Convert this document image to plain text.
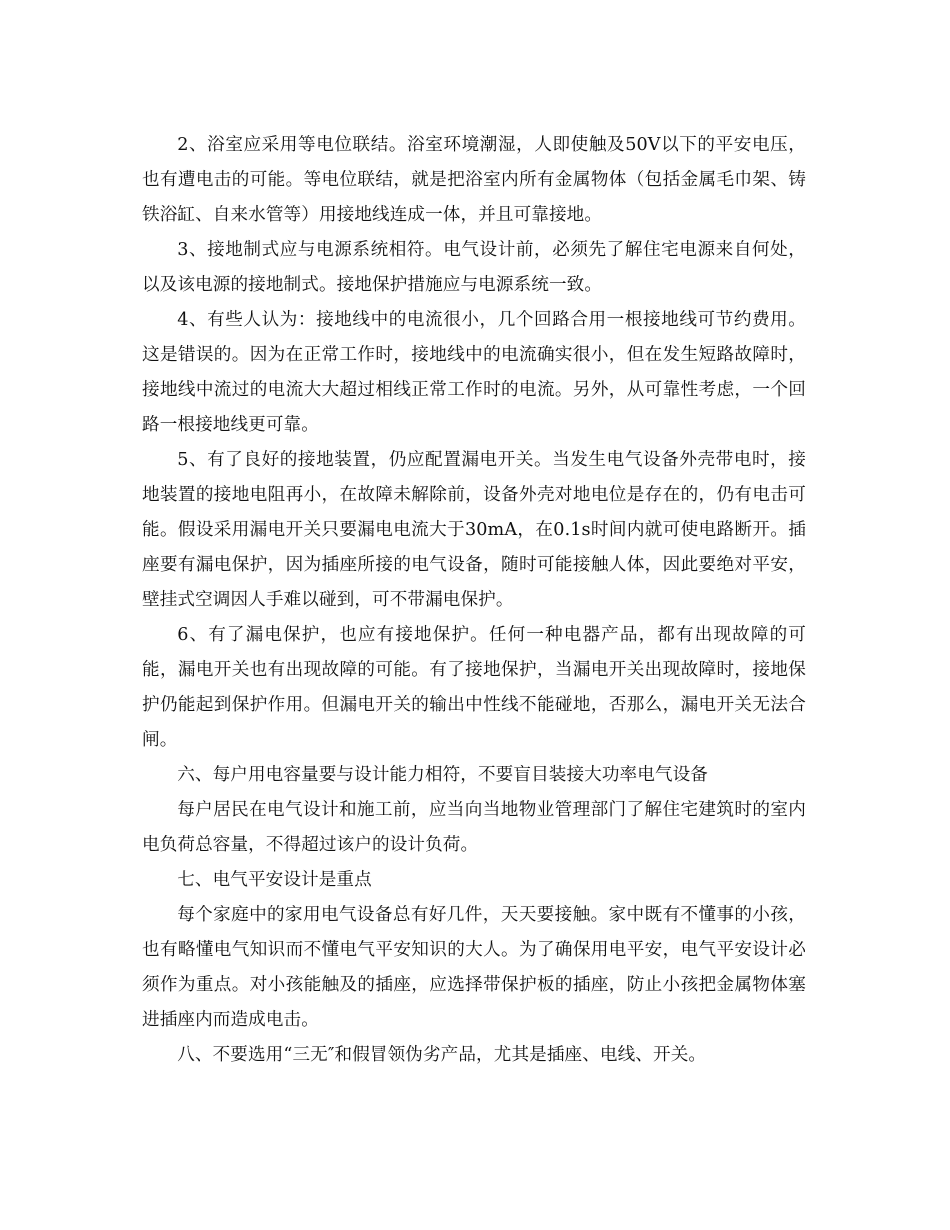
2、浴室应采用等电位联结。浴室环境潮湿，人即使触及50V以下的平安电压，也有遭电击的可能。等电位联结，就是把浴室内所有金属物体（包括金属毛巾架、铸铁浴缸、自来水管等）用接地线连成一体，并且可靠接地。

3、接地制式应与电源系统相符。电气设计前，必须先了解住宅电源来自何处，以及该电源的接地制式。接地保护措施应与电源系统一致。

4、有些人认为：接地线中的电流很小，几个回路合用一根接地线可节约费用。这是错误的。因为在正常工作时，接地线中的电流确实很小，但在发生短路故障时，接地线中流过的电流大大超过相线正常工作时的电流。另外，从可靠性考虑，一个回路一根接地线更可靠。

5、有了良好的接地装置，仍应配置漏电开关。当发生电气设备外壳带电时，接地装置的接地电阻再小，在故障未解除前，设备外壳对地电位是存在的，仍有电击可能。假设采用漏电开关只要漏电电流大于30mA，在0.1s时间内就可使电路断开。插座要有漏电保护，因为插座所接的电气设备，随时可能接触人体，因此要绝对平安，壁挂式空调因人手难以碰到，可不带漏电保护。

6、有了漏电保护，也应有接地保护。任何一种电器产品，都有出现故障的可能，漏电开关也有出现故障的可能。有了接地保护，当漏电开关出现故障时，接地保护仍能起到保护作用。但漏电开关的输出中性线不能碰地，否那么，漏电开关无法合闸。

六、每户用电容量要与设计能力相符，不要盲目装接大功率电气设备

每户居民在电气设计和施工前，应当向当地物业管理部门了解住宅建筑时的室内电负荷总容量，不得超过该户的设计负荷。

七、电气平安设计是重点

每个家庭中的家用电气设备总有好几件，天天要接触。家中既有不懂事的小孩，也有略懂电气知识而不懂电气平安知识的大人。为了确保用电平安，电气平安设计必须作为重点。对小孩能触及的插座，应选择带保护板的插座，防止小孩把金属物体塞进插座内而造成电击。

八、不要选用“三无″和假冒领伪劣产品，尤其是插座、电线、开关。
